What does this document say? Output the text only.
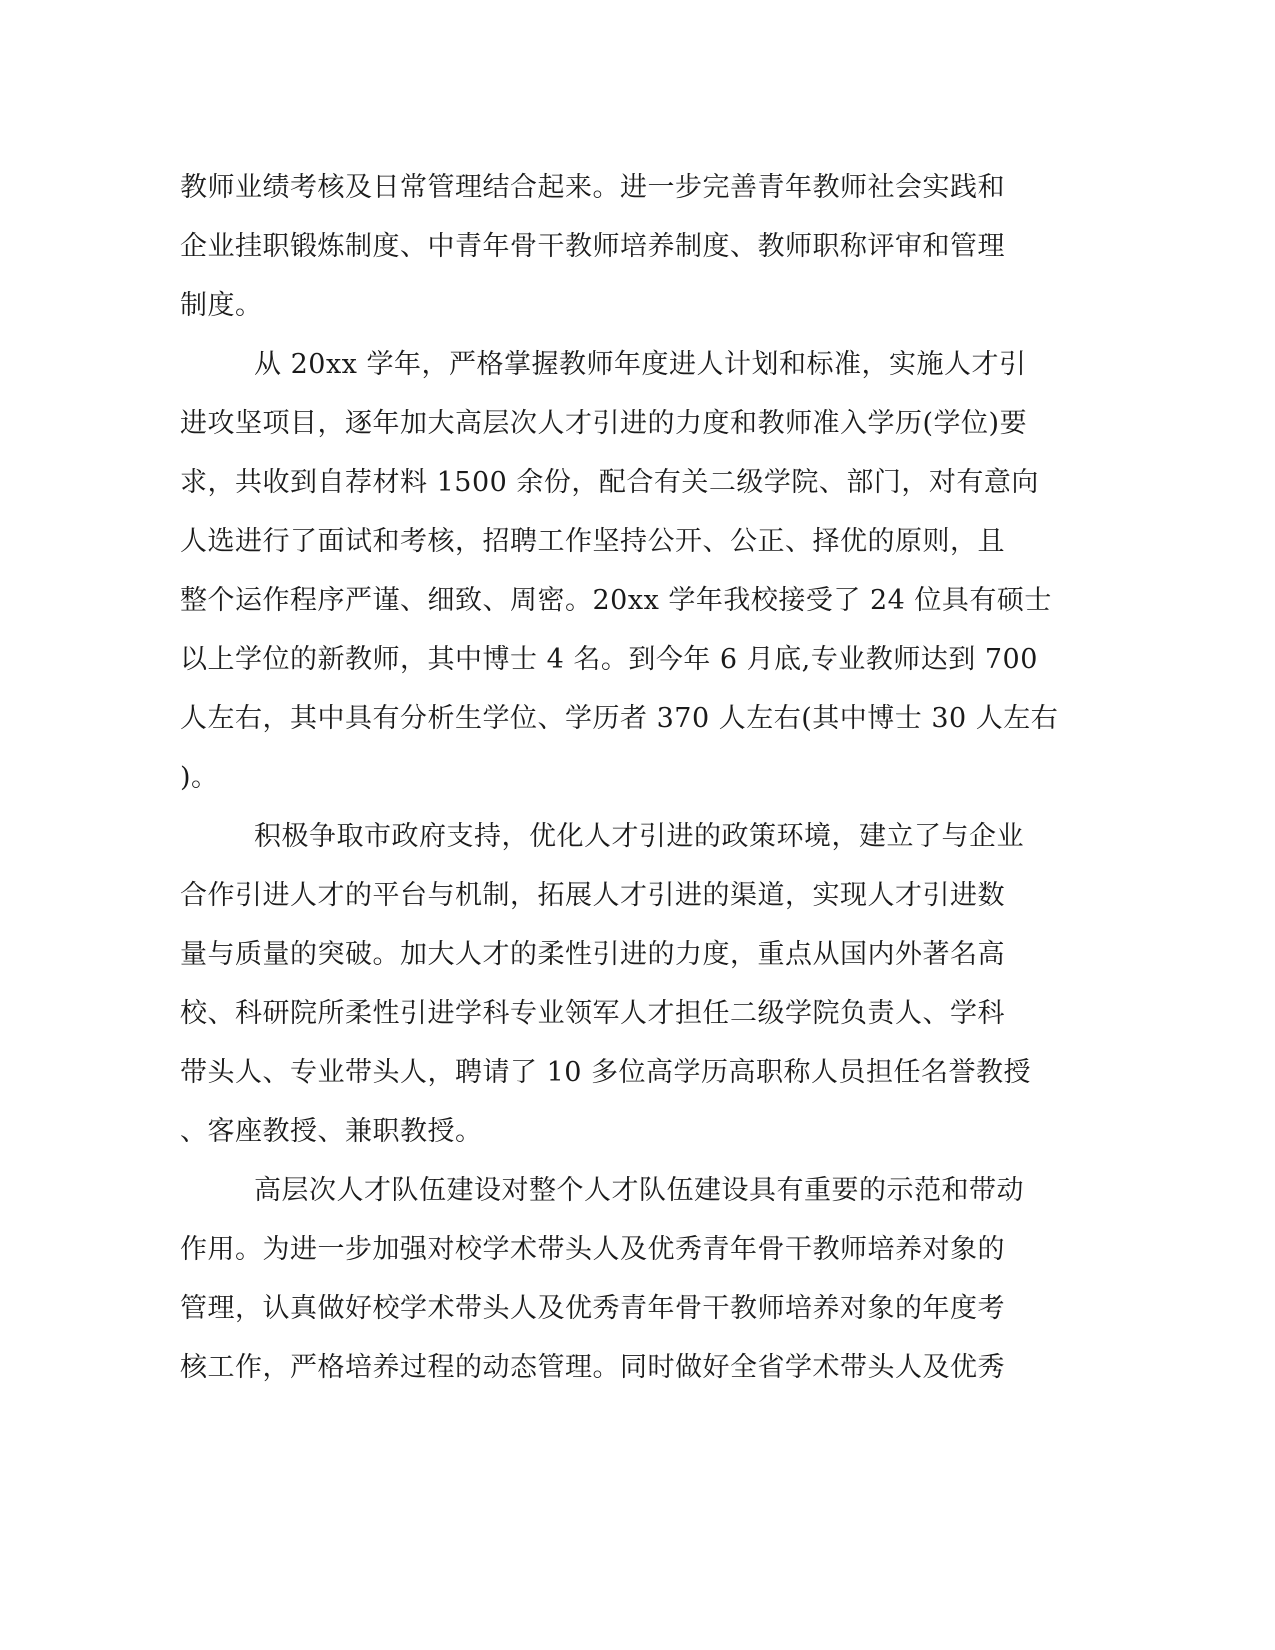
教师业绩考核及日常管理结合起来。进一步完善青年教师社会实践和
企业挂职锻炼制度、中青年骨干教师培养制度、教师职称评审和管理
制度。
从 20xx 学年，严格掌握教师年度进人计划和标准，实施人才引
进攻坚项目，逐年加大高层次人才引进的力度和教师准入学历(学位)要
求，共收到自荐材料 1500 余份，配合有关二级学院、部门，对有意向
人选进行了面试和考核，招聘工作坚持公开、公正、择优的原则，且
整个运作程序严谨、细致、周密。20xx 学年我校接受了 24 位具有硕士
以上学位的新教师，其中博士 4 名。到今年 6 月底,专业教师达到 700
人左右，其中具有分析生学位、学历者 370 人左右(其中博士 30 人左右
)。
积极争取市政府支持，优化人才引进的政策环境，建立了与企业
合作引进人才的平台与机制，拓展人才引进的渠道，实现人才引进数
量与质量的突破。加大人才的柔性引进的力度，重点从国内外著名高
校、科研院所柔性引进学科专业领军人才担任二级学院负责人、学科
带头人、专业带头人，聘请了 10 多位高学历高职称人员担任名誉教授
、客座教授、兼职教授。
高层次人才队伍建设对整个人才队伍建设具有重要的示范和带动
作用。为进一步加强对校学术带头人及优秀青年骨干教师培养对象的
管理，认真做好校学术带头人及优秀青年骨干教师培养对象的年度考
核工作，严格培养过程的动态管理。同时做好全省学术带头人及优秀
